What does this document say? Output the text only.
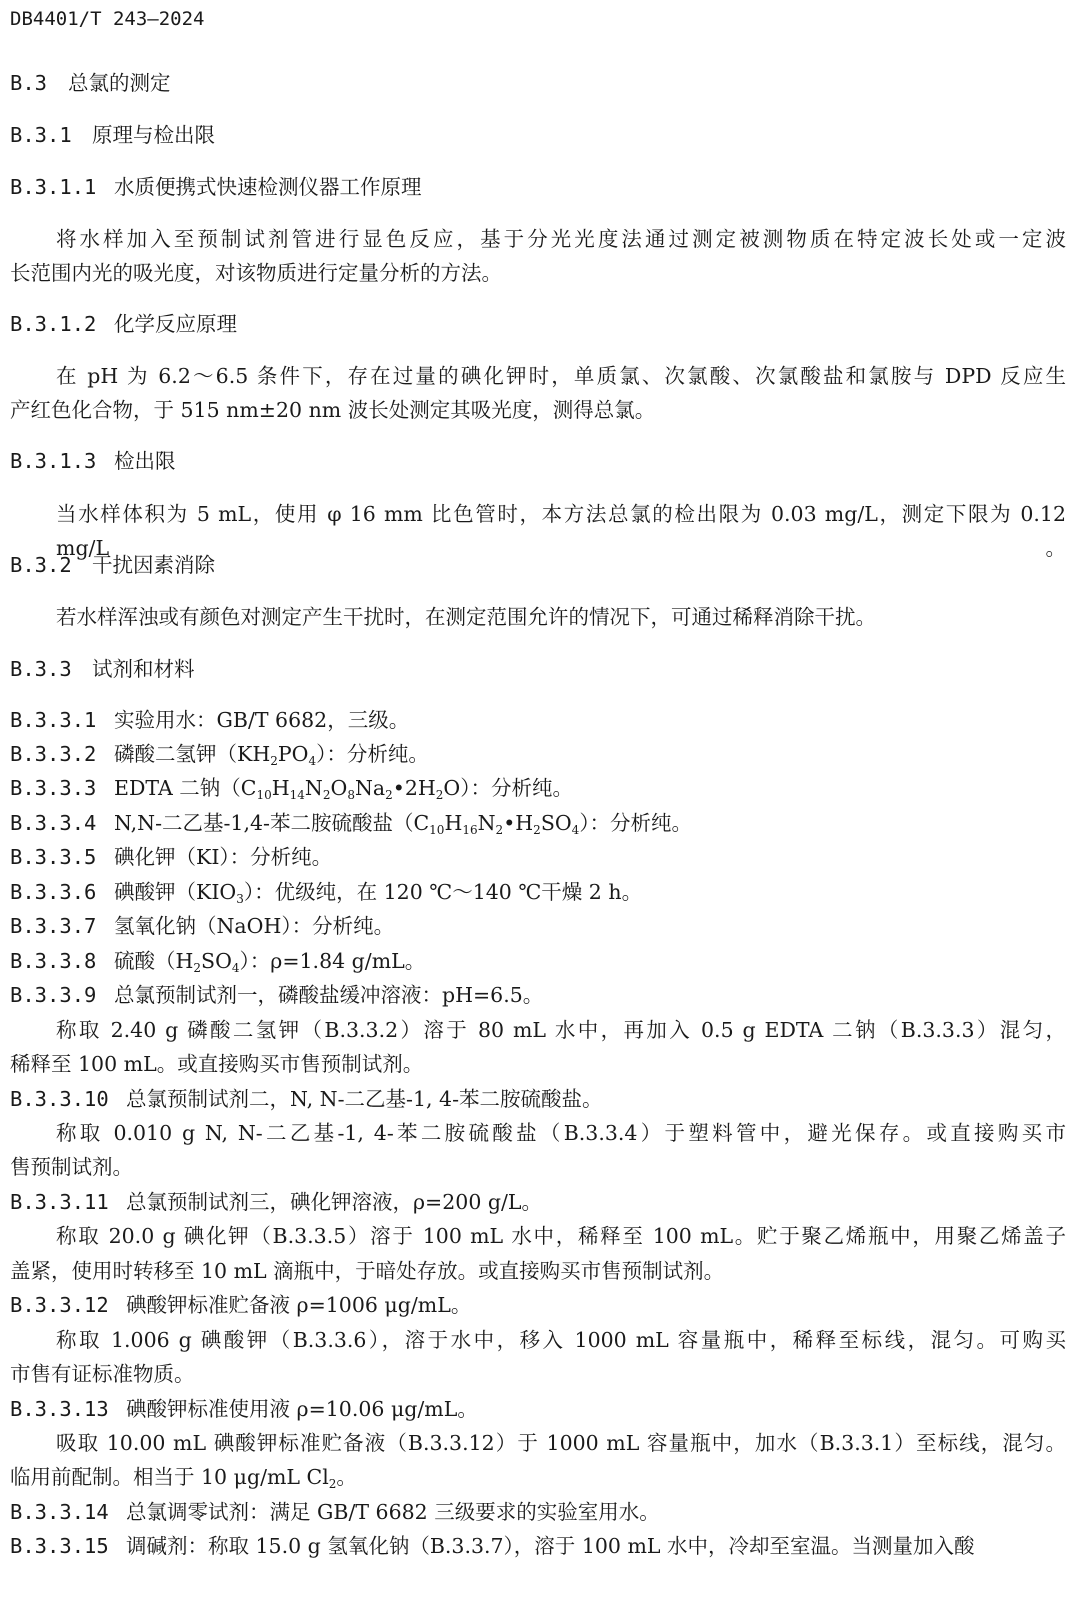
DB4401/T 243—2024
B.3 总氯的测定
B.3.1 原理与检出限
B.3.1.1 水质便携式快速检测仪器工作原理
将水样加入至预制试剂管进行显色反应，基于分光光度法通过测定被测物质在特定波长处或一定波
长范围内光的吸光度，对该物质进行定量分析的方法。
B.3.1.2 化学反应原理
在 pH 为 6.2～6.5 条件下，存在过量的碘化钾时，单质氯、次氯酸、次氯酸盐和氯胺与 DPD 反应生
产红色化合物，于 515 nm±20 nm 波长处测定其吸光度，测得总氯。
B.3.1.3 检出限
当水样体积为 5 mL，使用 φ 16 mm 比色管时，本方法总氯的检出限为 0.03 mg/L，测定下限为 0.12 mg/L。
B.3.2 干扰因素消除
若水样浑浊或有颜色对测定产生干扰时，在测定范围允许的情况下，可通过稀释消除干扰。
B.3.3 试剂和材料
B.3.3.1 实验用水：GB/T 6682，三级。
B.3.3.2 磷酸二氢钾$(KH_2PO_4)$：分析纯。
B.3.3.3 EDTA 二钠$(C_{10}H_{14}N_2O_8Na_2•2H_2O)$：分析纯。
B.3.3.4 N,N-二乙基-1,4-苯二胺硫酸盐$(C_{10}H_{16}N_2•H_2SO_4)$：分析纯。
B.3.3.5 碘化钾（KI）：分析纯。
B.3.3.6 碘酸钾$(KIO_3)$：优级纯，在 120 ℃～140 ℃干燥 2 h。
B.3.3.7 氢氧化钠（NaOH）：分析纯。
B.3.3.8 硫酸$(H_2SO_4)$：ρ=1.84 g/mL。
B.3.3.9 总氯预制试剂一，磷酸盐缓冲溶液：pH=6.5。
称取 2.40 g 磷酸二氢钾（B.3.3.2）溶于 80 mL 水中，再加入 0.5 g EDTA 二钠（B.3.3.3）混匀，
稀释至 100 mL。或直接购买市售预制试剂。
B.3.3.10 总氯预制试剂二，N, N-二乙基-1, 4-苯二胺硫酸盐。
称取 0.010 g N, N-二乙基-1, 4-苯二胺硫酸盐（B.3.3.4）于塑料管中，避光保存。或直接购买市
售预制试剂。
B.3.3.11 总氯预制试剂三，碘化钾溶液，ρ=200 g/L。
称取 20.0 g 碘化钾（B.3.3.5）溶于 100 mL 水中，稀释至 100 mL。贮于聚乙烯瓶中，用聚乙烯盖子
盖紧，使用时转移至 10 mL 滴瓶中，于暗处存放。或直接购买市售预制试剂。
B.3.3.12 碘酸钾标准贮备液 ρ=1006 μg/mL。
称取 1.006 g 碘酸钾（B.3.3.6），溶于水中，移入 1000 mL 容量瓶中，稀释至标线，混匀。可购买
市售有证标准物质。
B.3.3.13 碘酸钾标准使用液 ρ=10.06 μg/mL。
吸取 10.00 mL 碘酸钾标准贮备液（B.3.3.12）于 1000 mL 容量瓶中，加水（B.3.3.1）至标线，混匀。
临用前配制。相当于 10 μg/mL $Cl_2$。
B.3.3.14 总氯调零试剂：满足 GB/T 6682 三级要求的实验室用水。
B.3.3.15 调碱剂：称取 15.0 g 氢氧化钠（B.3.3.7），溶于 100 mL 水中，冷却至室温。当测量加入酸
